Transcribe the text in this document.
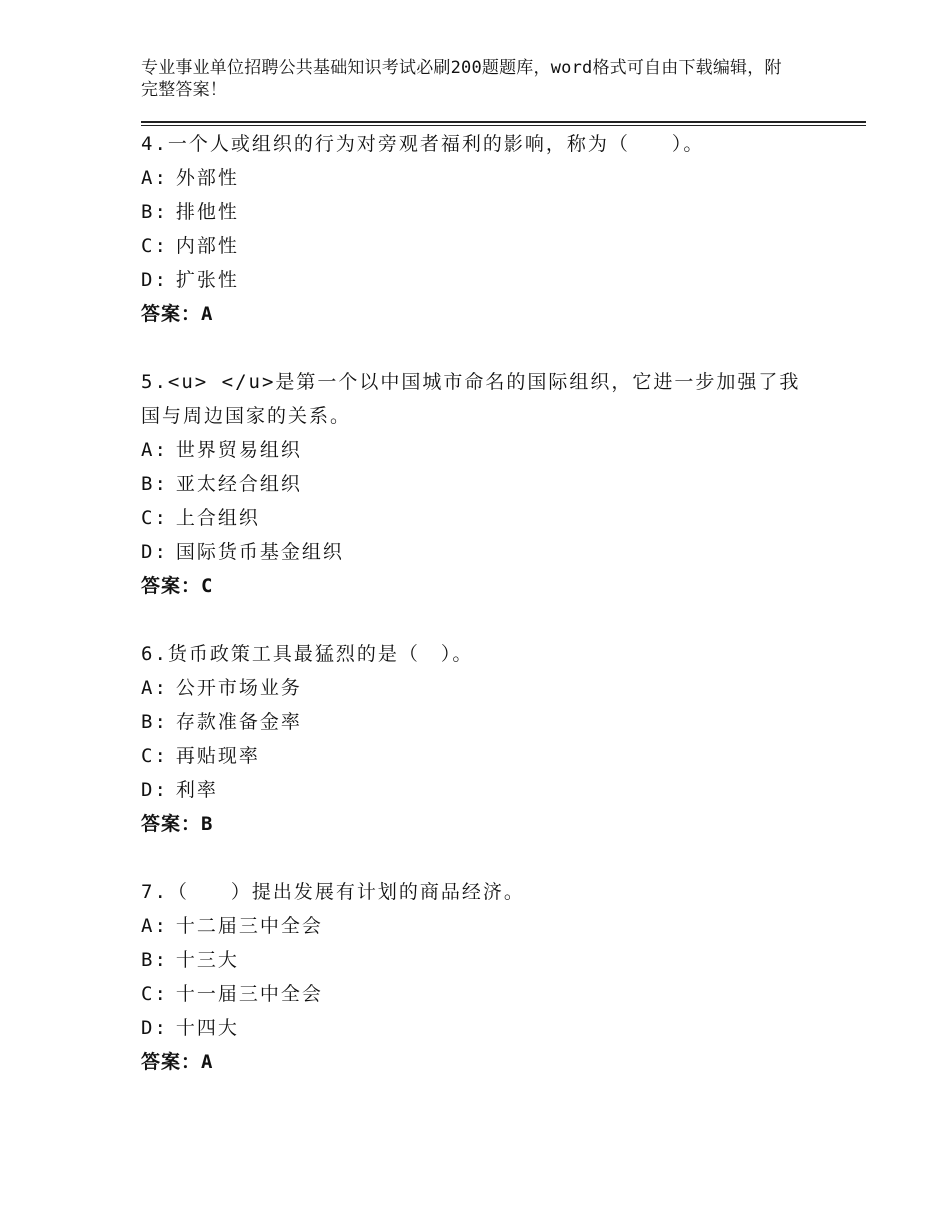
专业事业单位招聘公共基础知识考试必刷200题题库，word格式可自由下载编辑，附完整答案！
4.一个人或组织的行为对旁观者福利的影响，称为（　　）。
A: 外部性
B: 排他性
C: 内部性
D: 扩张性
答案：A
5.<u> </u>是第一个以中国城市命名的国际组织，它进一步加强了我国与周边国家的关系。
A: 世界贸易组织
B: 亚太经合组织
C: 上合组织
D: 国际货币基金组织
答案：C
6.货币政策工具最猛烈的是（　）。
A: 公开市场业务
B: 存款准备金率
C: 再贴现率
D: 利率
答案：B
7.（　　）提出发展有计划的商品经济。
A: 十二届三中全会
B: 十三大
C: 十一届三中全会
D: 十四大
答案：A
